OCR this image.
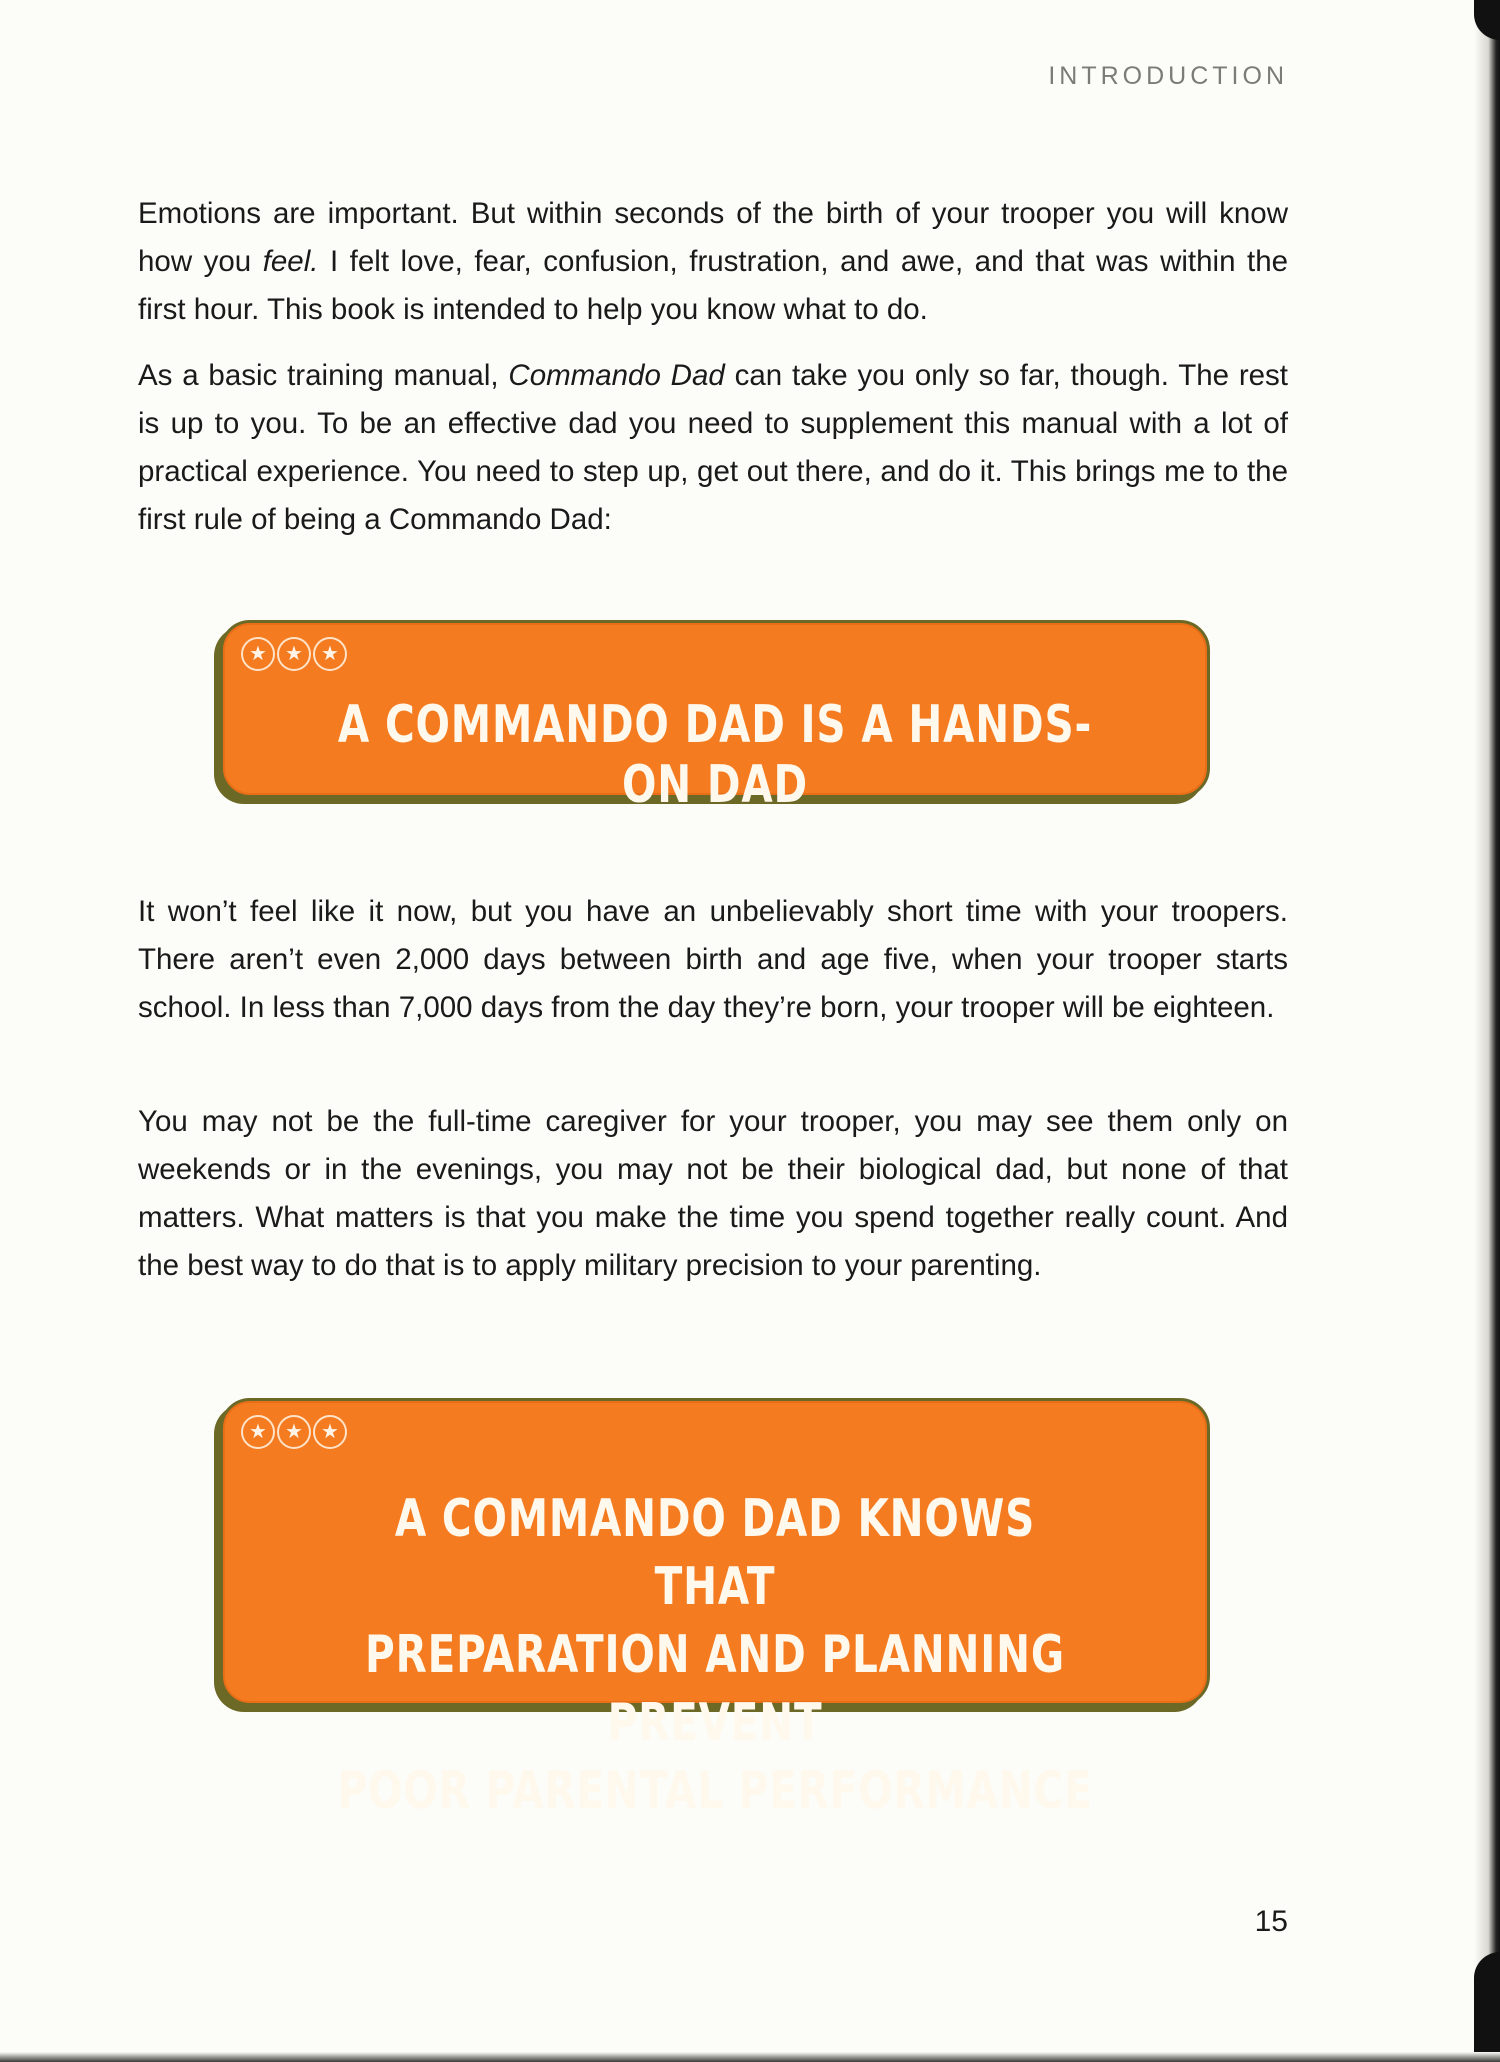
INTRODUCTION

Emotions are important. But within seconds of the birth of your trooper you will know how you feel. I felt love, fear, confusion, frustration, and awe, and that was within the first hour. This book is intended to help you know what to do.

As a basic training manual, Commando Dad can take you only so far, though. The rest is up to you. To be an effective dad you need to supplement this manual with a lot of practical experience. You need to step up, get out there, and do it. This brings me to the first rule of being a Commando Dad:

★ ★ ★

A COMMANDO DAD IS A HANDS-ON DAD

It won’t feel like it now, but you have an unbelievably short time with your troopers. There aren’t even 2,000 days between birth and age five, when your trooper starts school. In less than 7,000 days from the day they’re born, your trooper will be eighteen.

You may not be the full-time caregiver for your trooper, you may see them only on weekends or in the evenings, you may not be their biological dad, but none of that matters. What matters is that you make the time you spend together really count. And the best way to do that is to apply military precision to your parenting.

★ ★ ★

A COMMANDO DAD KNOWS THAT
PREPARATION AND PLANNING PREVENT
POOR PARENTAL PERFORMANCE

15
